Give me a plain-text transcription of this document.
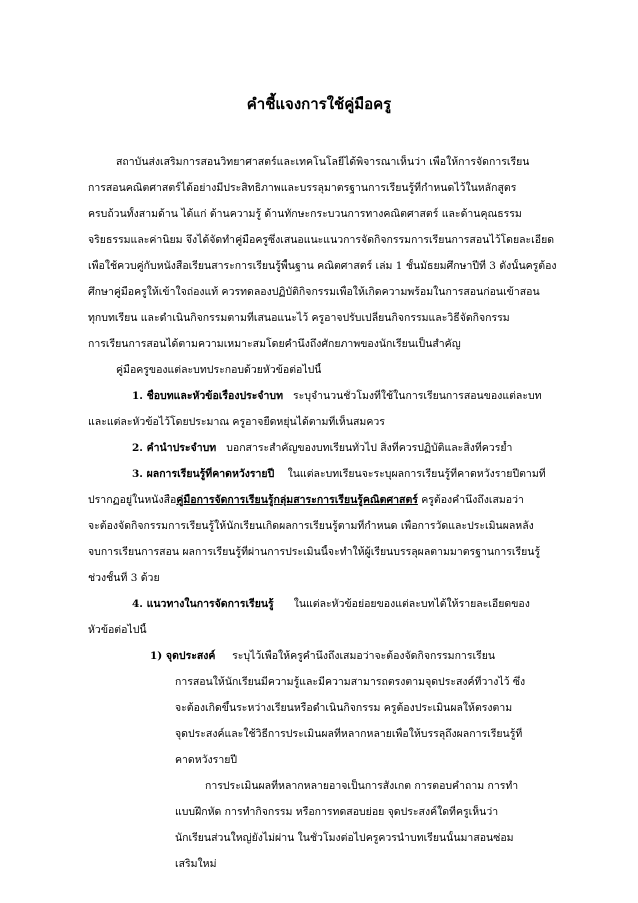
คำชี้แจงการใช้คู่มือครู
สถาบันส่งเสริมการสอนวิทยาศาสตร์และเทคโนโลยีได้พิจารณาเห็นว่า เพื่อให้การจัดการเรียน
การสอนคณิตศาสตร์ได้อย่างมีประสิทธิภาพและบรรลุมาตรฐานการเรียนรู้ที่กำหนดไว้ในหลักสูตร
ครบถ้วนทั้งสามด้าน ได้แก่ ด้านความรู้ ด้านทักษะกระบวนการทางคณิตศาสตร์ และด้านคุณธรรม
จริยธรรมและค่านิยม จึงได้จัดทำคู่มือครูซึ่งเสนอแนะแนวการจัดกิจกรรมการเรียนการสอนไว้โดยละเอียด
เพื่อใช้ควบคู่กับหนังสือเรียนสาระการเรียนรู้พื้นฐาน คณิตศาสตร์ เล่ม 1 ชั้นมัธยมศึกษาปีที่ 3 ดังนั้นครูต้อง
ศึกษาคู่มือครูให้เข้าใจถ่องแท้ ควรทดลองปฏิบัติกิจกรรมเพื่อให้เกิดความพร้อมในการสอนก่อนเข้าสอน
ทุกบทเรียน และดำเนินกิจกรรมตามที่เสนอแนะไว้ ครูอาจปรับเปลี่ยนกิจกรรมและวิธีจัดกิจกรรม
การเรียนการสอนได้ตามความเหมาะสมโดยคำนึงถึงศักยภาพของนักเรียนเป็นสำคัญ
คู่มือครูของแต่ละบทประกอบด้วยหัวข้อต่อไปนี้
1. ชื่อบทและหัวข้อเรื่องประจำบท ระบุจำนวนชั่วโมงที่ใช้ในการเรียนการสอนของแต่ละบท
และแต่ละหัวข้อไว้โดยประมาณ ครูอาจยืดหยุ่นได้ตามที่เห็นสมควร
2. คำนำประจำบท บอกสาระสำคัญของบทเรียนทั่วไป สิ่งที่ควรปฏิบัติและสิ่งที่ควรย้ำ
3. ผลการเรียนรู้ที่คาดหวังรายปี ในแต่ละบทเรียนจะระบุผลการเรียนรู้ที่คาดหวังรายปีตามที่
ปรากฏอยู่ในหนังสือคู่มือการจัดการเรียนรู้กลุ่มสาระการเรียนรู้คณิตศาสตร์ ครูต้องคำนึงถึงเสมอว่า
จะต้องจัดกิจกรรมการเรียนรู้ให้นักเรียนเกิดผลการเรียนรู้ตามที่กำหนด เพื่อการวัดและประเมินผลหลัง
จบการเรียนการสอน ผลการเรียนรู้ที่ผ่านการประเมินนี้จะทำให้ผู้เรียนบรรลุผลตามมาตรฐานการเรียนรู้
ช่วงชั้นที่ 3 ด้วย
4. แนวทางในการจัดการเรียนรู้ ในแต่ละหัวข้อย่อยของแต่ละบทได้ให้รายละเอียดของ
หัวข้อต่อไปนี้
1) จุดประสงค์ ระบุไว้เพื่อให้ครูคำนึงถึงเสมอว่าจะต้องจัดกิจกรรมการเรียน
การสอนให้นักเรียนมีความรู้และมีความสามารถตรงตามจุดประสงค์ที่วางไว้ ซึ่ง
จะต้องเกิดขึ้นระหว่างเรียนหรือดำเนินกิจกรรม ครูต้องประเมินผลให้ตรงตาม
จุดประสงค์และใช้วิธีการประเมินผลที่หลากหลายเพื่อให้บรรลุถึงผลการเรียนรู้ที่
คาดหวังรายปี
การประเมินผลที่หลากหลายอาจเป็นการสังเกต การตอบคำถาม การทำ
แบบฝึกหัด การทำกิจกรรม หรือการทดสอบย่อย จุดประสงค์ใดที่ครูเห็นว่า
นักเรียนส่วนใหญ่ยังไม่ผ่าน ในชั่วโมงต่อไปครูควรนำบทเรียนนั้นมาสอนซ่อม
เสริมใหม่
